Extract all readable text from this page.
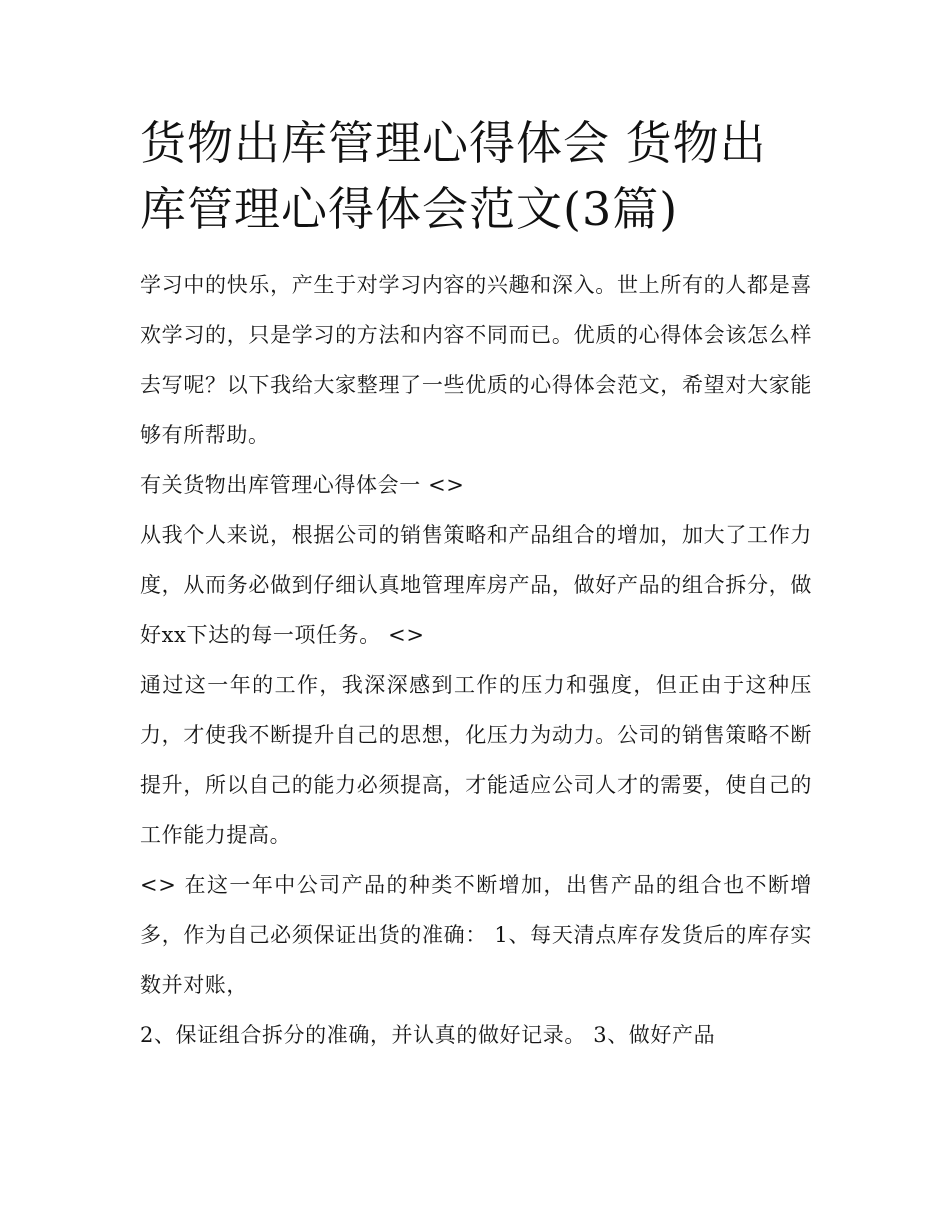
货物出库管理心得体会 货物出库管理心得体会范文(3篇)

学习中的快乐，产生于对学习内容的兴趣和深入。世上所有的人都是喜欢学习的，只是学习的方法和内容不同而已。优质的心得体会该怎么样去写呢？以下我给大家整理了一些优质的心得体会范文，希望对大家能够有所帮助。

有关货物出库管理心得体会一 <>

从我个人来说，根据公司的销售策略和产品组合的增加，加大了工作力度，从而务必做到仔细认真地管理库房产品，做好产品的组合拆分，做好xx下达的每一项任务。 <>

通过这一年的工作，我深深感到工作的压力和强度，但正由于这种压力，才使我不断提升自己的思想，化压力为动力。公司的销售策略不断提升，所以自己的能力必须提高，才能适应公司人才的需要，使自己的工作能力提高。

<> 在这一年中公司产品的种类不断增加，出售产品的组合也不断增多，作为自己必须保证出货的准确： 1、每天清点库存发货后的库存实数并对账，

2、保证组合拆分的准确，并认真的做好记录。 3、做好产品
